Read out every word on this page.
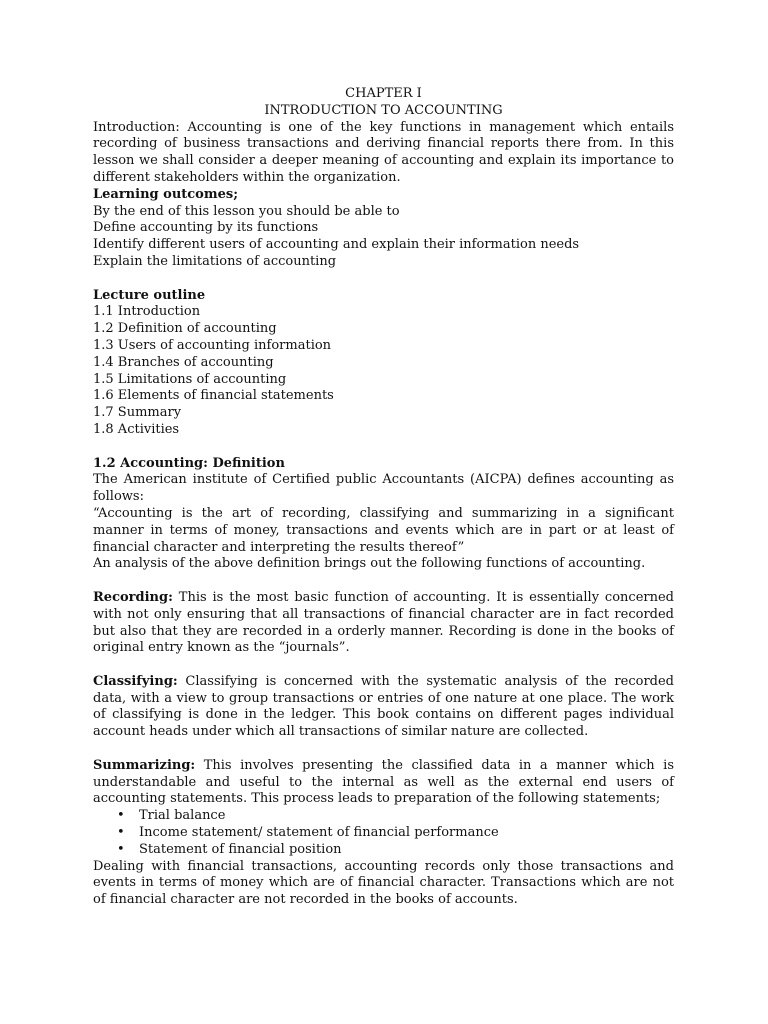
CHAPTER I

INTRODUCTION TO ACCOUNTING

Introduction: Accounting is one of the key functions in management which entails recording of business transactions and deriving financial reports there from. In this lesson we shall consider a deeper meaning of accounting and explain its importance to different stakeholders within the organization.

Learning outcomes;

By the end of this lesson you should be able to

Define accounting by its functions

Identify different users of accounting and explain their information needs

Explain the limitations of accounting

Lecture outline

1.1 Introduction

1.2 Definition of accounting

1.3 Users of accounting information

1.4 Branches of accounting

1.5 Limitations of accounting

1.6 Elements of financial statements

1.7 Summary

1.8 Activities

1.2 Accounting: Definition

The American institute of Certified public Accountants (AICPA) defines accounting as follows:

“Accounting is the art of recording, classifying and summarizing in a significant manner in terms of money, transactions and events which are in part or at least of financial character and interpreting the results thereof”

An analysis of the above definition brings out the following functions of accounting.

Recording: This is the most basic function of accounting. It is essentially concerned with not only ensuring that all transactions of financial character are in fact recorded but also that they are recorded in a orderly manner. Recording is done in the books of original entry known as the “journals”.

Classifying: Classifying is concerned with the systematic analysis of the recorded data, with a view to group transactions or entries of one nature at one place. The work of classifying is done in the ledger. This book contains on different pages individual account heads under which all transactions of similar nature are collected.

Summarizing: This involves presenting the classified data in a manner which is understandable and useful to the internal as well as the external end users of accounting statements. This process leads to preparation of the following statements;

• Trial balance
• Income statement/ statement of financial performance
• Statement of financial position

Dealing with financial transactions, accounting records only those transactions and events in terms of money which are of financial character. Transactions which are not of financial character are not recorded in the books of accounts.
